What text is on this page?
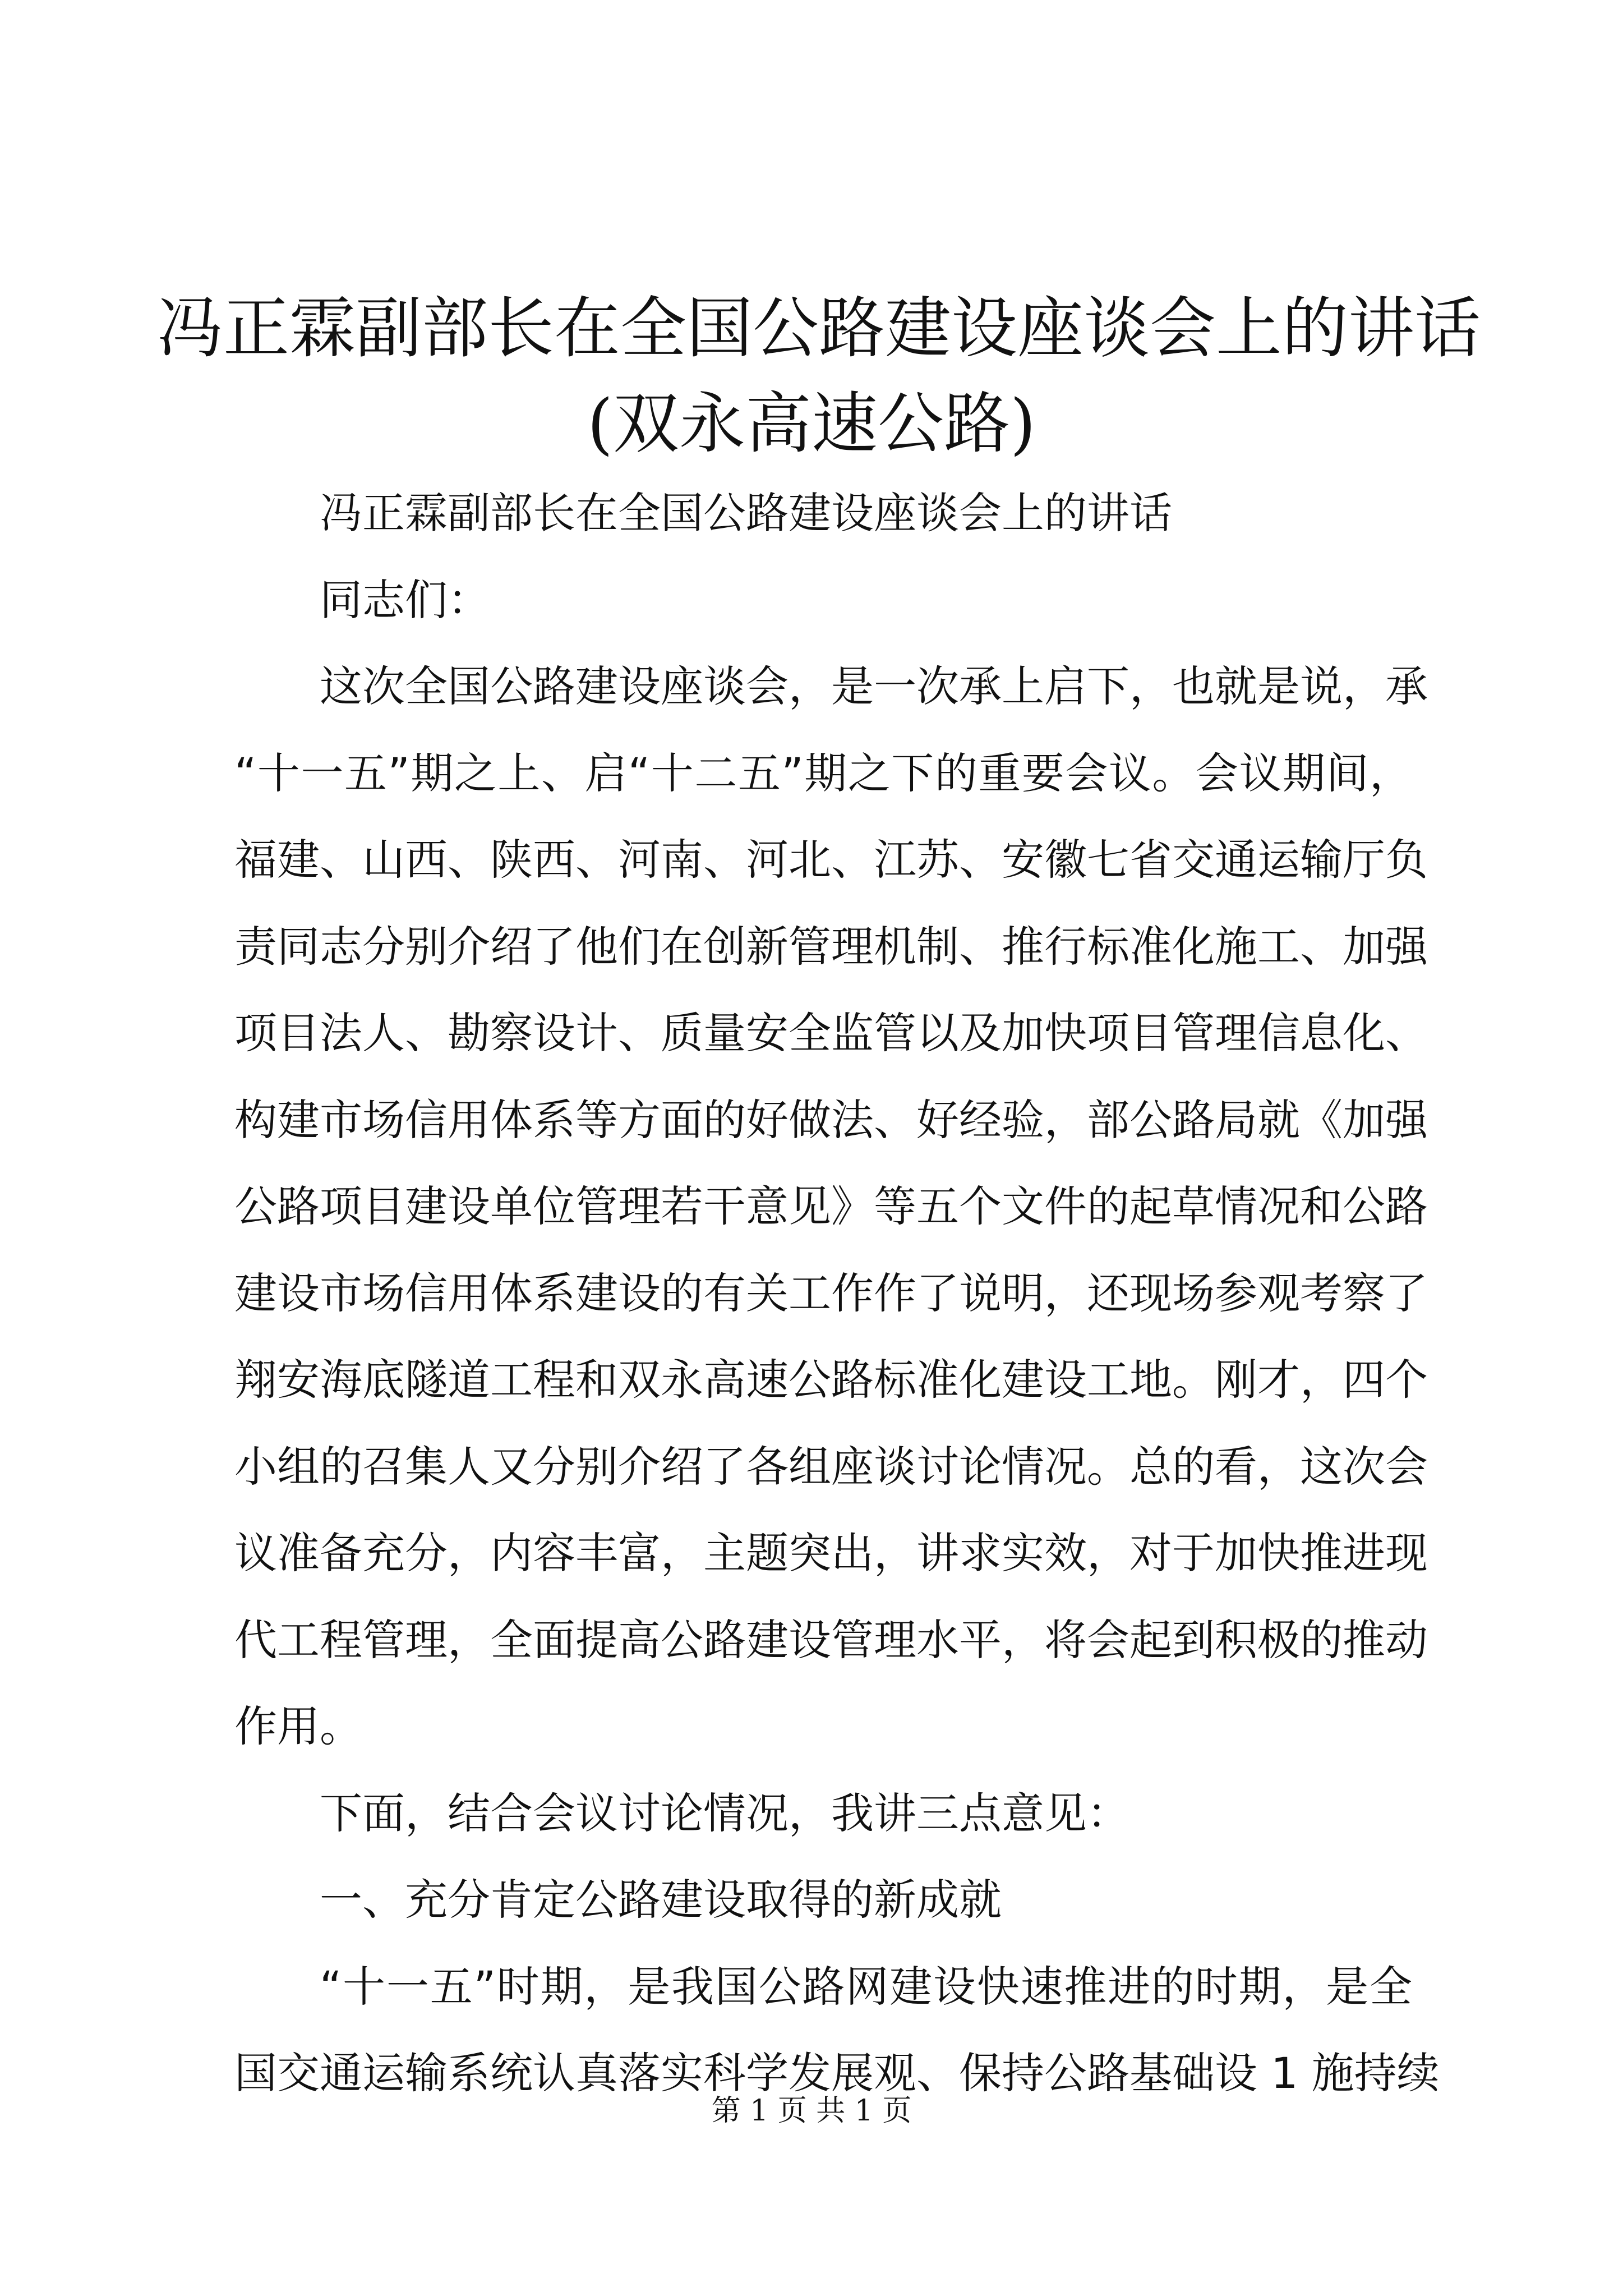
冯正霖副部长在全国公路建设座谈会上的讲话
(双永高速公路)

冯正霖副部长在全国公路建设座谈会上的讲话

同志们：

这次全国公路建设座谈会，是一次承上启下，也就是说，承
“十一五”期之上、启“十二五”期之下的重要会议。会议期间，
福建、山西、陕西、河南、河北、江苏、安徽七省交通运输厅负
责同志分别介绍了他们在创新管理机制、推行标准化施工、加强
项目法人、勘察设计、质量安全监管以及加快项目管理信息化、
构建市场信用体系等方面的好做法、好经验，部公路局就《加强
公路项目建设单位管理若干意见》等五个文件的起草情况和公路
建设市场信用体系建设的有关工作作了说明，还现场参观考察了
翔安海底隧道工程和双永高速公路标准化建设工地。刚才，四个
小组的召集人又分别介绍了各组座谈讨论情况。总的看，这次会
议准备充分，内容丰富，主题突出，讲求实效，对于加快推进现
代工程管理，全面提高公路建设管理水平，将会起到积极的推动
作用。

下面，结合会议讨论情况，我讲三点意见：

一、充分肯定公路建设取得的新成就

“十一五”时期，是我国公路网建设快速推进的时期，是全
国交通运输系统认真落实科学发展观、保持公路基础设 1 施持续

第 1 页 共 1 页
